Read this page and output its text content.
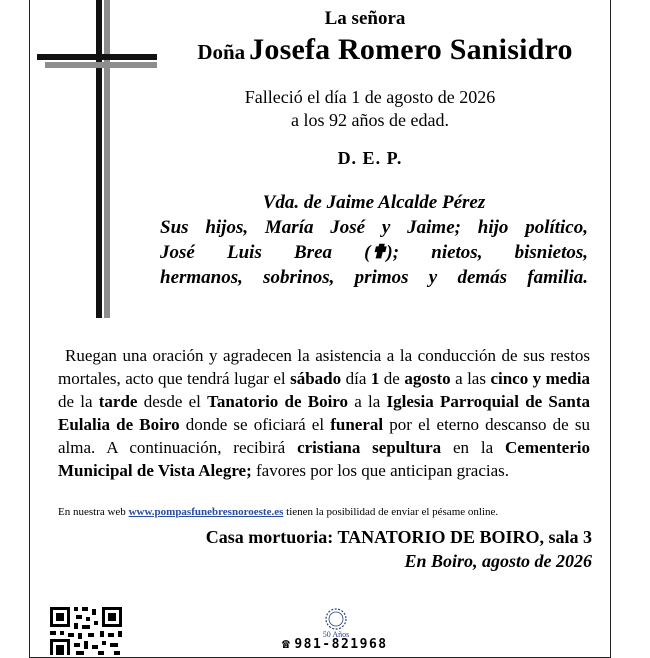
La señora
Doña Josefa Romero Sanisidro
Falleció el día 1 de agosto de 2026
a los 92 años de edad.
D. E. P.
Vda. de Jaime Alcalde Pérez
Sus hijos, María José y Jaime; hijo político,
José Luis Brea (✟); nietos, bisnietos,
hermanos, sobrinos, primos y demás familia.
Ruegan una oración y agradecen la asistencia a la conducción de sus restos mortales, acto que tendrá lugar el sábado día 1 de agosto a las cinco y media de la tarde desde el Tanatorio de Boiro a la Iglesia Parroquial de Santa Eulalia de Boiro donde se oficiará el funeral por el eterno descanso de su alma. A continuación, recibirá cristiana sepultura en la Cementerio Municipal de Vista Alegre; favores por los que anticipan gracias.
En nuestra web www.pompasfunebresnoroeste.es tienen la posibilidad de enviar el pésame online.
Casa mortuoria: TANATORIO DE BOIRO, sala 3
En Boiro, agosto de 2026
50 Años
☎ 981-821968
